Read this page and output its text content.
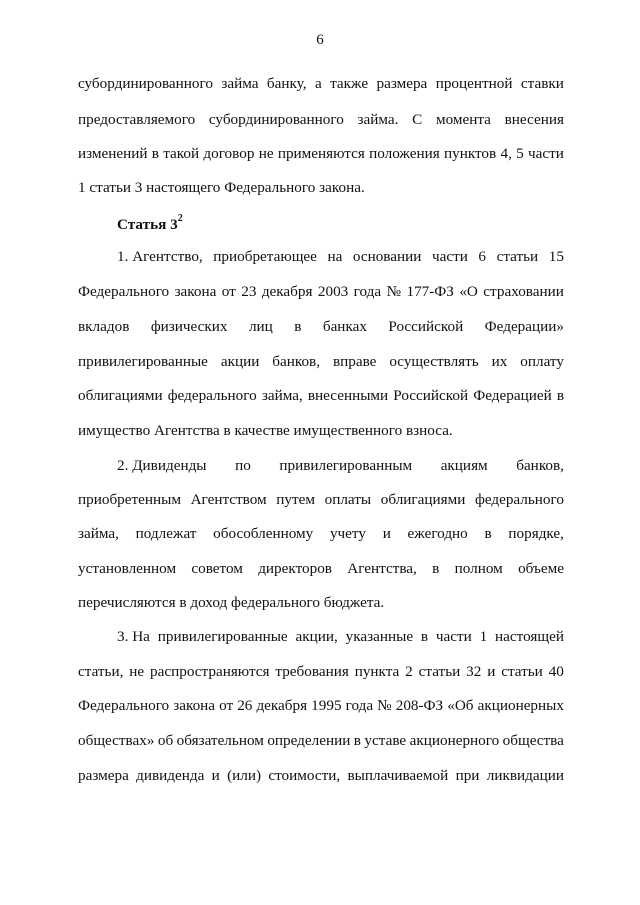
6
субординированного займа банку, а также размера процентной ставки
предоставляемого субординированного займа. С момента внесения
изменений в такой договор не применяются положения пунктов 4, 5 части
1 статьи 3 настоящего Федерального закона.
Статья $3^2$
1. Агентство, приобретающее на основании части 6 статьи 15
Федерального закона от 23 декабря 2003 года № 177-ФЗ «О страховании
вкладов физических лиц в банках Российской Федерации»
привилегированные акции банков, вправе осуществлять их оплату
облигациями федерального займа, внесенными Российской Федерацией в
имущество Агентства в качестве имущественного взноса.
2. Дивиденды по привилегированным акциям банков,
приобретенным Агентством путем оплаты облигациями федерального
займа, подлежат обособленному учету и ежегодно в порядке,
установленном советом директоров Агентства, в полном объеме
перечисляются в доход федерального бюджета.
3. На привилегированные акции, указанные в части 1 настоящей
статьи, не распространяются требования пункта 2 статьи 32 и статьи 40
Федерального закона от 26 декабря 1995 года № 208-ФЗ «Об акционерных
обществах» об обязательном определении в уставе акционерного общества
размера дивиденда и (или) стоимости, выплачиваемой при ликвидации
